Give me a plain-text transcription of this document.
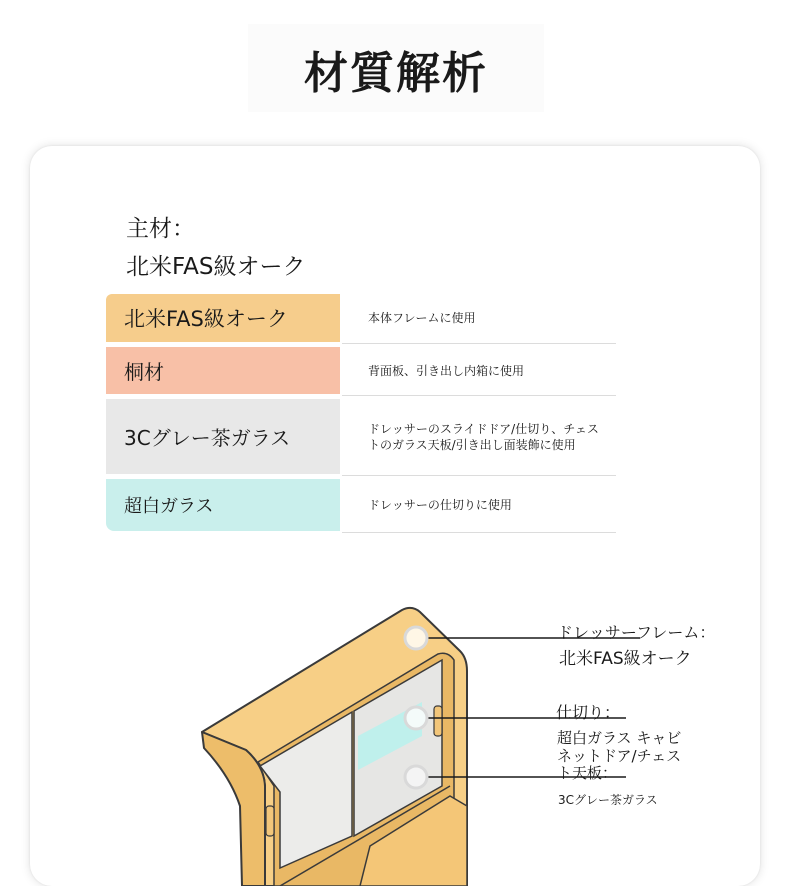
材質解析
主材：
北米FAS級オーク
北米FAS級オーク	本体フレームに使用
桐材	背面板、引き出し内箱に使用
3Cグレー茶ガラス	ドレッサーのスライドドア/仕切り、チェストのガラス天板/引き出し面装飾に使用
超白ガラス	ドレッサーの仕切りに使用
ドレッサーフレーム：
北米FAS級オーク
仕切り：
超白ガラス キャビ
ネットドア/チェス
ト天板：
3Cグレー茶ガラス
